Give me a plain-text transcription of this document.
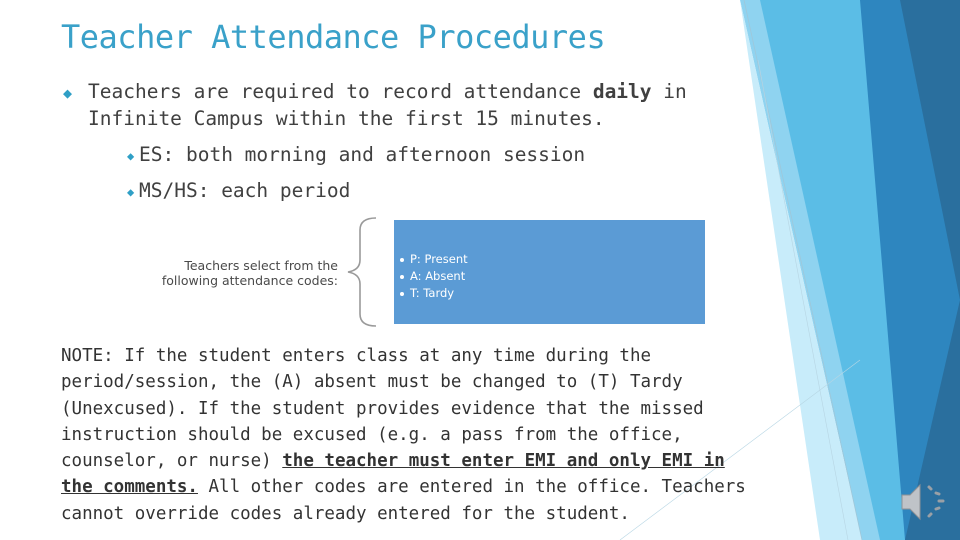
Teacher Attendance Procedures
◆ Teachers are required to record attendance daily in Infinite Campus within the first 15 minutes.
◆ ES: both morning and afternoon session
◆ MS/HS: each period
Teachers select from the
following attendance codes:
P: Present
A: Absent
T: Tardy
NOTE: If the student enters class at any time during the period/session, the (A) absent must be changed to (T) Tardy (Unexcused). If the student provides evidence that the missed instruction should be excused (e.g. a pass from the office, counselor, or nurse) the teacher must enter EMI and only EMI in the comments. All other codes are entered in the office. Teachers cannot override codes already entered for the student.
